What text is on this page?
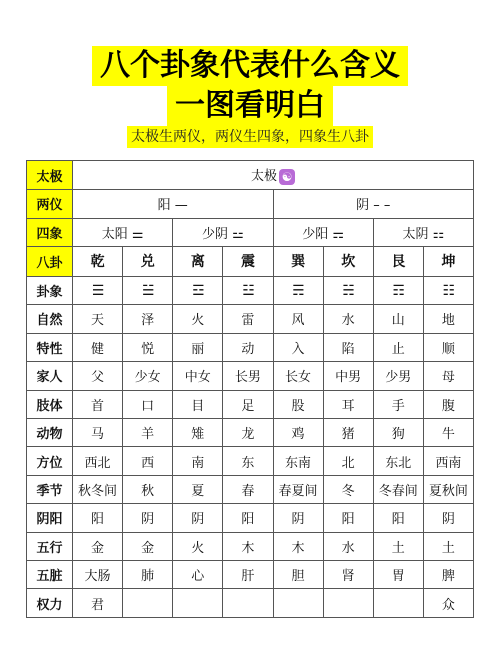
八个卦象代表什么含义
一图看明白
太极生两仪，两仪生四象，四象生八卦
太极	太极 ☯							
两仪	阳 —				阴 – –			
四象	太阳 ⚌		少阴 ⚍		少阳 ⚎		太阴 ⚏	
八卦	乾	兑	离	震	巽	坎	艮	坤
卦象	☰	☱	☲	☳	☴	☵	☶	☷
自然	天	泽	火	雷	风	水	山	地
特性	健	悦	丽	动	入	陷	止	顺
家人	父	少女	中女	长男	长女	中男	少男	母
肢体	首	口	目	足	股	耳	手	腹
动物	马	羊	雉	龙	鸡	猪	狗	牛
方位	西北	西	南	东	东南	北	东北	西南
季节	秋冬间	秋	夏	春	春夏间	冬	冬春间	夏秋间
阴阳	阳	阴	阴	阳	阴	阳	阳	阴
五行	金	金	火	木	木	水	土	土
五脏	大肠	肺	心	肝	胆	肾	胃	脾
权力	君							众
